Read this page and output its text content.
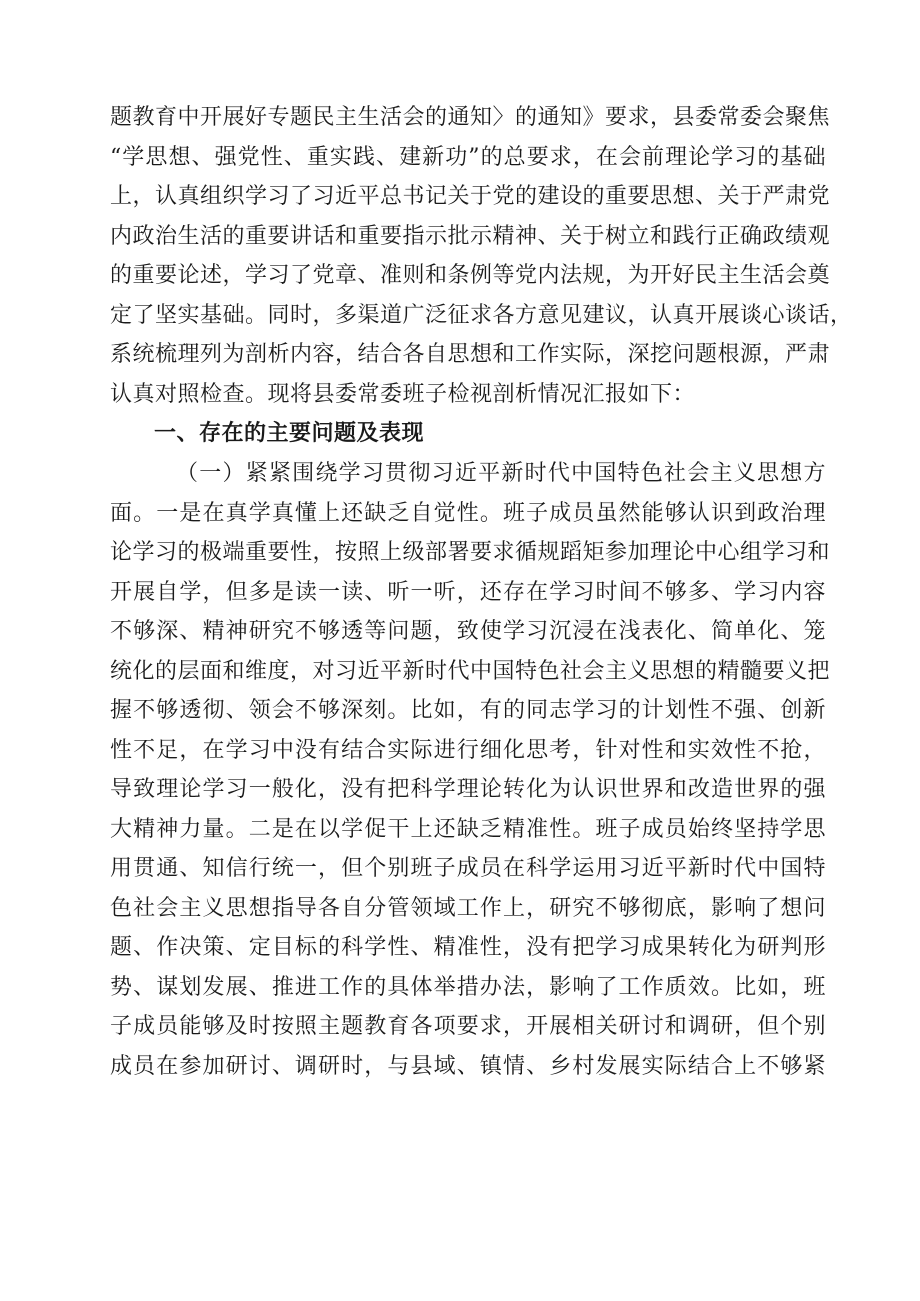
题教育中开展好专题民主生活会的通知〉的通知》要求，县委常委会聚焦
“学思想、强党性、重实践、建新功”的总要求，在会前理论学习的基础
上，认真组织学习了习近平总书记关于党的建设的重要思想、关于严肃党
内政治生活的重要讲话和重要指示批示精神、关于树立和践行正确政绩观
的重要论述，学习了党章、准则和条例等党内法规，为开好民主生活会奠
定了坚实基础。同时，多渠道广泛征求各方意见建议，认真开展谈心谈话，
系统梳理列为剖析内容，结合各自思想和工作实际，深挖问题根源，严肃
认真对照检查。现将县委常委班子检视剖析情况汇报如下：
一、存在的主要问题及表现
（一）紧紧围绕学习贯彻习近平新时代中国特色社会主义思想方
面。一是在真学真懂上还缺乏自觉性。班子成员虽然能够认识到政治理
论学习的极端重要性，按照上级部署要求循规蹈矩参加理论中心组学习和
开展自学，但多是读一读、听一听，还存在学习时间不够多、学习内容
不够深、精神研究不够透等问题，致使学习沉浸在浅表化、简单化、笼
统化的层面和维度，对习近平新时代中国特色社会主义思想的精髓要义把
握不够透彻、领会不够深刻。比如，有的同志学习的计划性不强、创新
性不足，在学习中没有结合实际进行细化思考，针对性和实效性不抢，
导致理论学习一般化，没有把科学理论转化为认识世界和改造世界的强
大精神力量。二是在以学促干上还缺乏精准性。班子成员始终坚持学思
用贯通、知信行统一，但个别班子成员在科学运用习近平新时代中国特
色社会主义思想指导各自分管领域工作上，研究不够彻底，影响了想问
题、作决策、定目标的科学性、精准性，没有把学习成果转化为研判形
势、谋划发展、推进工作的具体举措办法，影响了工作质效。比如，班
子成员能够及时按照主题教育各项要求，开展相关研讨和调研，但个别
成员在参加研讨、调研时，与县域、镇情、乡村发展实际结合上不够紧
